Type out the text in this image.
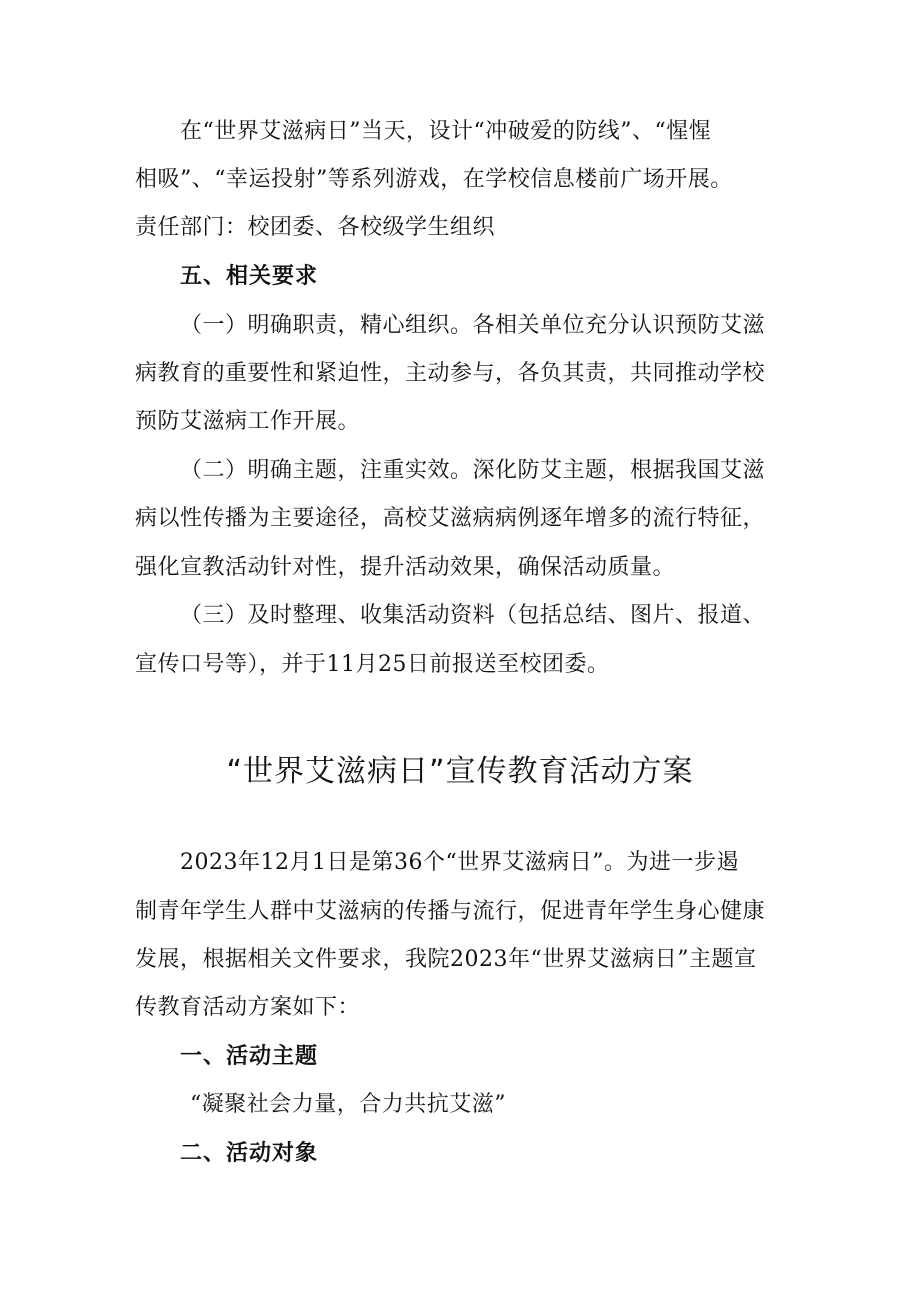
在“世界艾滋病日”当天，设计“冲破爱的防线”、“惺惺
相吸”、“幸运投射”等系列游戏，在学校信息楼前广场开展。
责任部门：校团委、各校级学生组织
五、相关要求
（一）明确职责，精心组织。各相关单位充分认识预防艾滋
病教育的重要性和紧迫性，主动参与，各负其责，共同推动学校
预防艾滋病工作开展。
（二）明确主题，注重实效。深化防艾主题，根据我国艾滋
病以性传播为主要途径，高校艾滋病病例逐年增多的流行特征，
强化宣教活动针对性，提升活动效果，确保活动质量。
（三）及时整理、收集活动资料（包括总结、图片、报道、
宣传口号等），并于11月25日前报送至校团委。
“世界艾滋病日”宣传教育活动方案
2023年12月1日是第36个“世界艾滋病日”。为进一步遏
制青年学生人群中艾滋病的传播与流行，促进青年学生身心健康
发展，根据相关文件要求，我院2023年“世界艾滋病日”主题宣
传教育活动方案如下：
一、活动主题
“凝聚社会力量，合力共抗艾滋”
二、活动对象
